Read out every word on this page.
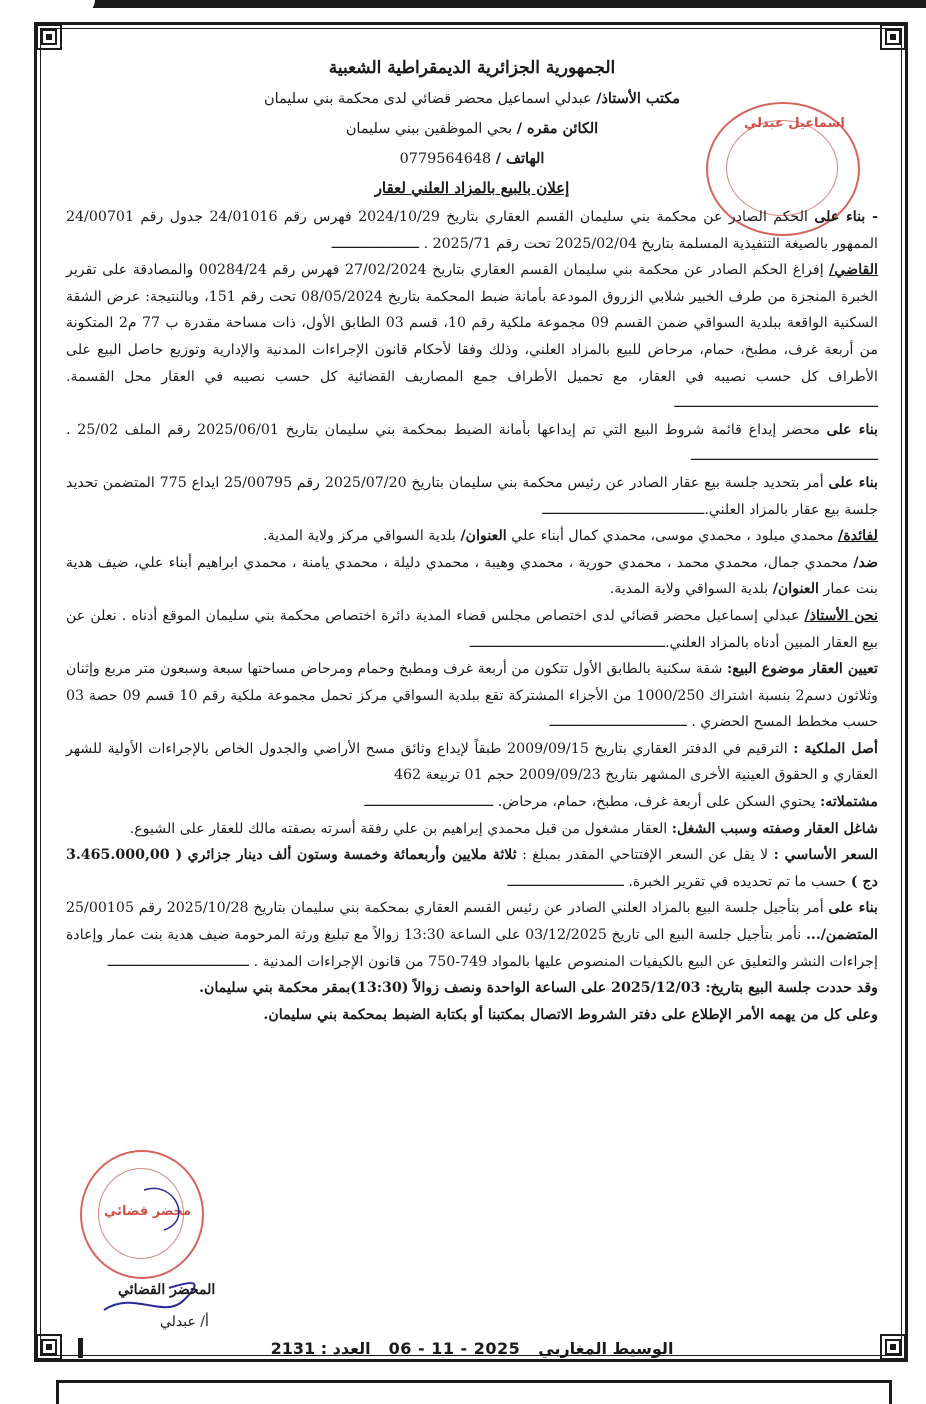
اسماعيل عبدلي

الجمهورية الجزائرية الديمقراطية الشعبية

مكتب الأستاذ/ عبدلي اسماعيل محضر قضائي لدى محكمة بني سليمان

الكائن مقره / بحي الموظفين ببني سليمان

الهاتف / 0779564648

إعلان بالبيع بالمزاد العلني لعقار

- بناء على الحكم الصادر عن محكمة بني سليمان القسم العقاري بتاريخ 2024/10/29 فهرس رقم 24/01016 جدول رقم 24/00701 الممهور بالصيغة التنفيذية المسلمة بتاريخ 2025/02/04 تحت رقم 2025/71 . ـــــــــــــــــــــ

القاضي/ إفراغ الحكم الصادر عن محكمة بني سليمان القسم العقاري بتاريخ 27/02/2024 فهرس رقم 00284/24 والمصادقة على تقرير الخبرة المنجزة من طرف الخبير شلابي الزروق المودعة بأمانة ضبط المحكمة بتاريخ 08/05/2024 تحت رقم 151، وبالنتيجة: عرض الشقة السكنية الواقعة ببلدية السواقي ضمن القسم 09 مجموعة ملكية رقم 10، قسم 03 الطابق الأول، ذات مساحة مقدرة ب 77 م2 المتكونة من أربعة غرف، مطبخ، حمام، مرحاض للبيع بالمزاد العلني، وذلك وفقا لأحكام قانون الإجراءات المدنية والإدارية وتوزيع حاصل البيع على الأطراف كل حسب نصيبه في العقار، مع تحميل الأطراف جمع المصاريف القضائية كل حسب نصيبه في العقار محل القسمة. ـــــــــــــــــــــــــــــــــــــــــــــــــ

بناء على محضر إيداع قائمة شروط البيع التي تم إيداعها بأمانة الضبط بمحكمة بني سليمان بتاريخ 2025/06/01 رقم الملف 25/02 . ـــــــــــــــــــــــــــــــــــــــــــــ

بناء على أمر بتحديد جلسة بيع عقار الصادر عن رئيس محكمة بني سليمان بتاريخ 2025/07/20 رقم 25/00795 ايداع 775 المتضمن تحديد جلسة بيع عقار بالمزاد العلني.ـــــــــــــــــــــــــــــــــــــــ

لفائدة/ محمدي ميلود ، محمدي موسى، محمدي كمال أبناء علي العنوان/ بلدية السواقي مركز ولاية المدية.

ضد/ محمدي جمال، محمدي محمد ، محمدي حورية ، محمدي وهيبة ، محمدي دليلة ، محمدي يامنة ، محمدي ابراهيم أبناء علي، ضيف هدية بنت عمار العنوان/ بلدية السواقي ولاية المدية.

نحن الأستاذ/ عبدلي إسماعيل محضر قضائي لدى اختصاص مجلس قضاء المدية دائرة اختصاص محكمة بني سليمان الموقع أدناه . نعلن عن بيع العقار المبين أدناه بالمزاد العلني.ـــــــــــــــــــــــــــــــــــــــــــــــ

تعيين العقار موضوع البيع: شقة سكنية بالطابق الأول تتكون من أربعة غرف ومطبخ وحمام ومرحاض مساحتها سبعة وسبعون متر مربع وإثنان وثلاثون دسم2 بنسبة اشتراك 1000/250 من الأجزاء المشتركة تقع ببلدية السواقي مركز تحمل مجموعة ملكية رقم 10 قسم 09 حصة 03 حسب مخطط المسح الحضري . ـــــــــــــــــــــــــــــــــ

أصل الملكية : الترقيم في الدفتر العقاري بتاريخ 2009/09/15 طبقاً لإيداع وثائق مسح الأراضي والجدول الخاص بالإجراءات الأولية للشهر العقاري و الحقوق العينية الأخرى المشهر بتاريخ 2009/09/23 حجم 01 تربيعة 462

مشتملاته: يحتوي السكن على أربعة غرف، مطبخ، حمام، مرحاض. ـــــــــــــــــــــــــــــــ

شاغل العقار وصفته وسبب الشغل: العقار مشغول من قبل محمدي إبراهيم بن علي رفقة أسرته بصفته مالك للعقار على الشيوع.

السعر الأساسي : لا يقل عن السعر الإفتتاحي المقدر بمبلغ : ثلاثة ملايين وأربعمائة وخمسة وستون ألف دينار جزائري ( 3.465.000,00 دج ) حسب ما تم تحديده في تقرير الخبرة. ــــــــــــــــــــــــــــ

بناء على أمر بتأجيل جلسة البيع بالمزاد العلني الصادر عن رئيس القسم العقاري بمحكمة بني سليمان بتاريخ 2025/10/28 رقم 25/00105 المتضمن/... نأمر بتأجيل جلسة البيع الى تاريخ 03/12/2025 على الساعة 13:30 زوالاً مع تبليغ ورثة المرحومة ضيف هدية بنت عمار وإعادة إجراءات النشر والتعليق عن البيع بالكيفيات المنصوص عليها بالمواد 749-750 من قانون الإجراءات المدنية . ــــــــــــــــــــــــــــــــــ

وقد حددت جلسة البيع بتاريخ: 2025/12/03 على الساعة الواحدة ونصف زوالاً (13:30)بمقر محكمة بني سليمان.

وعلى كل من يهمه الأمر الإطلاع على دفتر الشروط الاتصال بمكتبنا أو بكتابة الضبط بمحكمة بني سليمان.

محضر قضائي
المحضر القضائي
أ/ عبدلي
الوسيط المغاربي
06 - 11 - 2025
العدد : 2131
